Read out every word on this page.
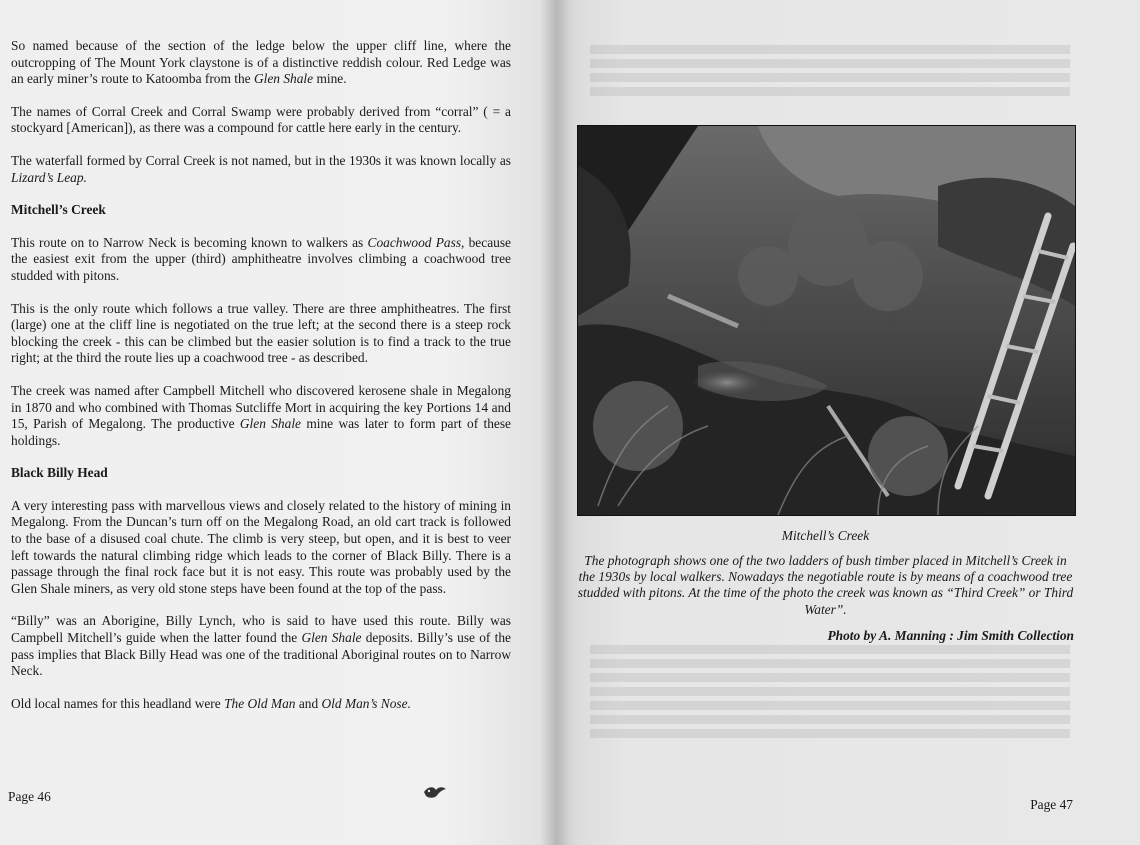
So named because of the section of the ledge below the upper cliff line, where the outcropping of The Mount York claystone is of a distinctive reddish colour. Red Ledge was an early miner’s route to Katoomba from the Glen Shale mine.

The names of Corral Creek and Corral Swamp were probably derived from “corral” ( = a stockyard [American]), as there was a compound for cattle here early in the century.

The waterfall formed by Corral Creek is not named, but in the 1930s it was known locally as Lizard’s Leap.

Mitchell’s Creek

This route on to Narrow Neck is becoming known to walkers as Coachwood Pass, because the easiest exit from the upper (third) amphitheatre involves climbing a coachwood tree studded with pitons.

This is the only route which follows a true valley. There are three amphitheatres. The first (large) one at the cliff line is negotiated on the true left; at the second there is a steep rock blocking the creek - this can be climbed but the easier solution is to find a track to the true right; at the third the route lies up a coachwood tree - as described.

The creek was named after Campbell Mitchell who discovered kerosene shale in Megalong in 1870 and who combined with Thomas Sutcliffe Mort in acquiring the key Portions 14 and 15, Parish of Megalong. The productive Glen Shale mine was later to form part of these holdings.

Black Billy Head

A very interesting pass with marvellous views and closely related to the history of mining in Megalong. From the Duncan’s turn off on the Megalong Road, an old cart track is followed to the base of a disused coal chute. The climb is very steep, but open, and it is best to veer left towards the natural climbing ridge which leads to the corner of Black Billy. There is a passage through the final rock face but it is not easy. This route was probably used by the Glen Shale miners, as very old stone steps have been found at the top of the pass.

“Billy” was an Aborigine, Billy Lynch, who is said to have used this route. Billy was Campbell Mitchell’s guide when the latter found the Glen Shale deposits. Billy’s use of the pass implies that Black Billy Head was one of the traditional Aboriginal routes on to Narrow Neck.

Old local names for this headland were The Old Man and Old Man’s Nose.

Page 46
Mitchell’s Creek
The photograph shows one of the two ladders of bush timber placed in Mitchell’s Creek in the 1930s by local walkers. Nowadays the negotiable route is by means of a coachwood tree studded with pitons. At the time of the photo the creek was known as “Third Creek” or Third Water”.
Photo by A. Manning : Jim Smith Collection
Page 47
